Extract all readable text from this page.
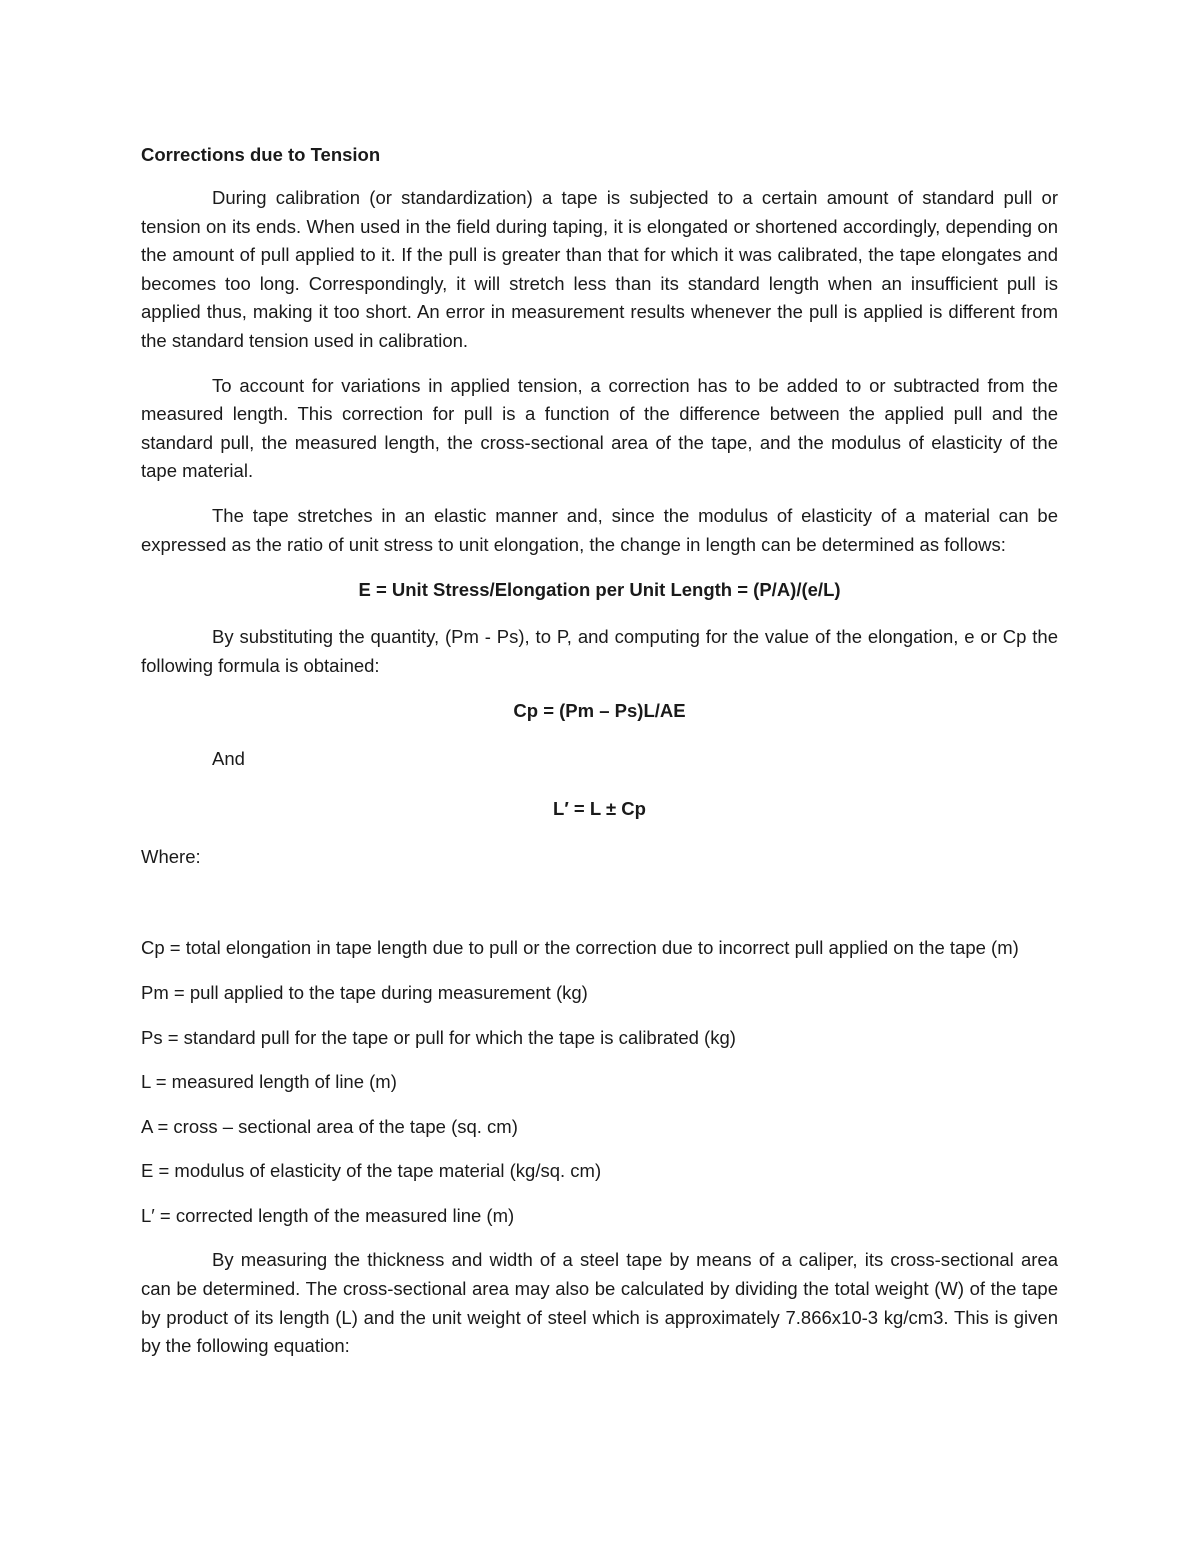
Corrections due to Tension

During calibration (or standardization) a tape is subjected to a certain amount of standard pull or tension on its ends. When used in the field during taping, it is elongated or shortened accordingly, depending on the amount of pull applied to it. If the pull is greater than that for which it was calibrated, the tape elongates and becomes too long. Correspondingly, it will stretch less than its standard length when an insufficient pull is applied thus, making it too short. An error in measurement results whenever the pull is applied is different from the standard tension used in calibration.

To account for variations in applied tension, a correction has to be added to or subtracted from the measured length. This correction for pull is a function of the difference between the applied pull and the standard pull, the measured length, the cross-sectional area of the tape, and the modulus of elasticity of the tape material.

The tape stretches in an elastic manner and, since the modulus of elasticity of a material can be expressed as the ratio of unit stress to unit elongation, the change in length can be determined as follows:

E = Unit Stress/Elongation per Unit Length = (P/A)/(e/L)

By substituting the quantity, (Pm - Ps), to P, and computing for the value of the elongation, e or Cp the following formula is obtained:

Cp = (Pm – Ps)L/AE
And
L′ = L ± Cp
Where:
Cp = total elongation in tape length due to pull or the correction due to incorrect pull applied on the tape (m)
Pm = pull applied to the tape during measurement (kg)
Ps = standard pull for the tape or pull for which the tape is calibrated (kg)
L = measured length of line (m)
A = cross – sectional area of the tape (sq. cm)
E = modulus of elasticity of the tape material (kg/sq. cm)
L′ = corrected length of the measured line (m)

By measuring the thickness and width of a steel tape by means of a caliper, its cross-sectional area can be determined. The cross-sectional area may also be calculated by dividing the total weight (W) of the tape by product of its length (L) and the unit weight of steel which is approximately 7.866x10-3 kg/cm3. This is given by the following equation:
